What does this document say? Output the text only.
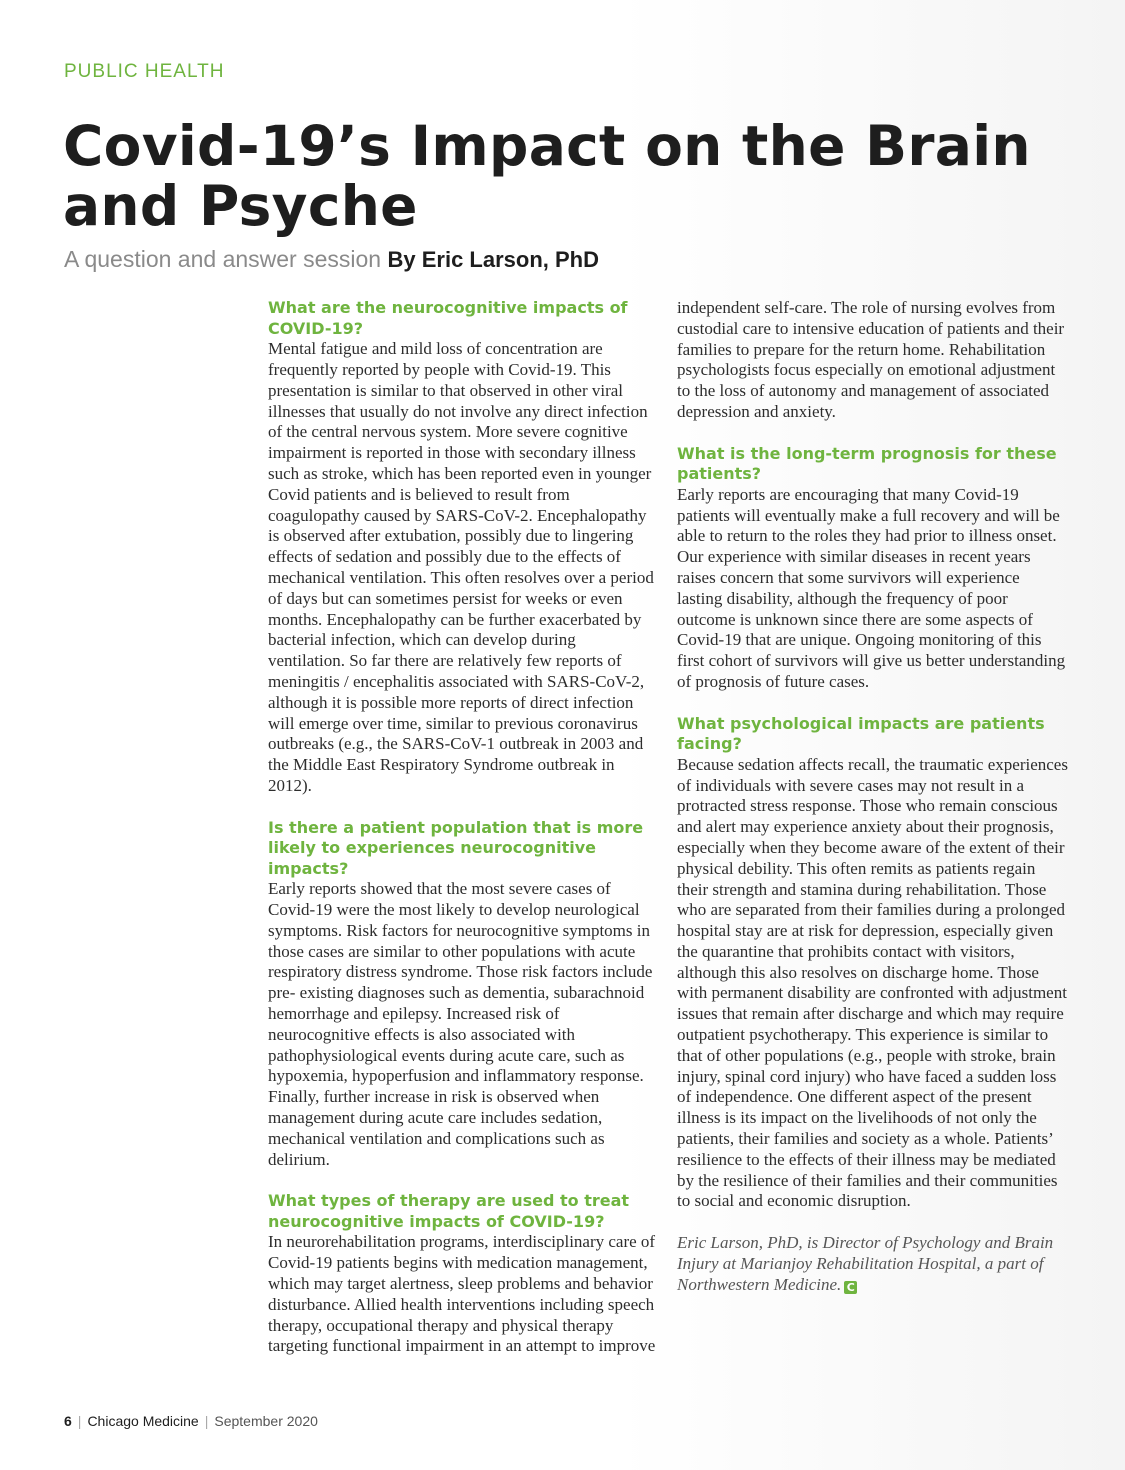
PUBLIC HEALTH
Covid-19’s Impact on the Brain and Psyche
A question and answer session By Eric Larson, PhD

What are the neurocognitive impacts of COVID-19?

Mental fatigue and mild loss of concentration are frequently reported by people with Covid-19. This presentation is similar to that observed in other viral illnesses that usually do not involve any direct infection of the central nervous system. More severe cognitive impairment is reported in those with secondary illness such as stroke, which has been reported even in younger Covid patients and is believed to result from coagulopathy caused by SARS-CoV-2. Encephalopathy is observed after extubation, possibly due to lingering effects of sedation and possibly due to the effects of mechanical ventilation. This often resolves over a period of days but can sometimes persist for weeks or even months. Encephalopathy can be further exacerbated by bacterial infection, which can develop during ventilation. So far there are relatively few reports of meningitis / encephalitis associated with SARS-CoV-2, although it is possible more reports of direct infection will emerge over time, similar to previous coronavirus outbreaks (e.g., the SARS-CoV-1 outbreak in 2003 and the Middle East Respiratory Syndrome outbreak in 2012).

Is there a patient population that is more likely to experiences neurocognitive impacts?

Early reports showed that the most severe cases of Covid-19 were the most likely to develop neurological symptoms. Risk factors for neurocognitive symptoms in those cases are similar to other populations with acute respiratory distress syndrome. Those risk factors include pre- existing diagnoses such as dementia, subarachnoid hemorrhage and epilepsy. Increased risk of neurocognitive effects is also associated with pathophysiological events during acute care, such as hypoxemia, hypoperfusion and inflammatory response. Finally, further increase in risk is observed when management during acute care includes sedation, mechanical ventilation and complications such as delirium.

What types of therapy are used to treat neurocognitive impacts of COVID-19?

In neurorehabilitation programs, interdisciplinary care of Covid-19 patients begins with medication management, which may target alertness, sleep problems and behavior disturbance. Allied health interventions including speech therapy, occupational therapy and physical therapy targeting functional impairment in an attempt to improve

independent self-care. The role of nursing evolves from custodial care to intensive education of patients and their families to prepare for the return home. Rehabilitation psychologists focus especially on emotional adjustment to the loss of autonomy and management of associated depression and anxiety.

What is the long-term prognosis for these patients?

Early reports are encouraging that many Covid-19 patients will eventually make a full recovery and will be able to return to the roles they had prior to illness onset. Our experience with similar diseases in recent years raises concern that some survivors will experience lasting disability, although the frequency of poor outcome is unknown since there are some aspects of Covid-19 that are unique. Ongoing monitoring of this first cohort of survivors will give us better understanding of prognosis of future cases.

What psychological impacts are patients facing?

Because sedation affects recall, the traumatic experiences of individuals with severe cases may not result in a protracted stress response. Those who remain conscious and alert may experience anxiety about their prognosis, especially when they become aware of the extent of their physical debility. This often remits as patients regain their strength and stamina during rehabilitation. Those who are separated from their families during a prolonged hospital stay are at risk for depression, especially given the quarantine that prohibits contact with visitors, although this also resolves on discharge home. Those with permanent disability are confronted with adjustment issues that remain after discharge and which may require outpatient psychotherapy. This experience is similar to that of other populations (e.g., people with stroke, brain injury, spinal cord injury) who have faced a sudden loss of independence. One different aspect of the present illness is its impact on the livelihoods of not only the patients, their families and society as a whole. Patients’ resilience to the effects of their illness may be mediated by the resilience of their families and their communities to social and economic disruption.

Eric Larson, PhD, is Director of Psychology and Brain Injury at Marianjoy Rehabilitation Hospital, a part of Northwestern Medicine. C

6 | Chicago Medicine | September 2020
